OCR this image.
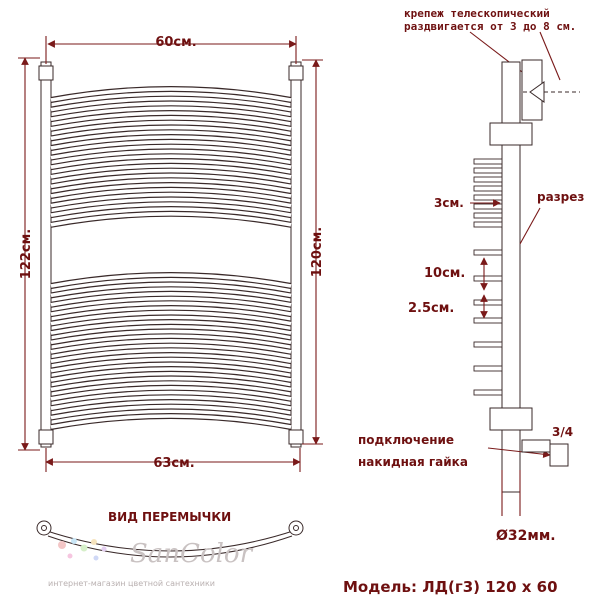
60см.
63см.
122см.	120см.
крепеж телескопический
раздвигается от 3 до 8 см.
3см.	разрез
10см.
2.5см.
подключение
накидная гайка
3/4
Ø32мм.
ВИД ПЕРЕМЫЧКИ
SanColor
интернет-магазин цветной сантехники	Модель: ЛД(г3) 120 х 60
